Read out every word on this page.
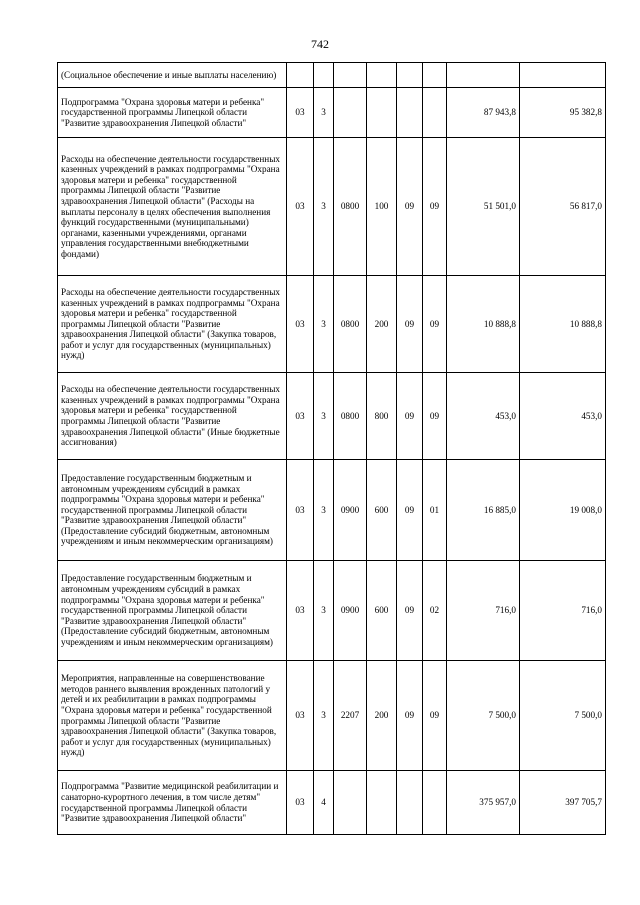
742
(Социальное обеспечение и иные выплаты населению)								
Подпрограмма "Охрана здоровья матери и ребенка" государственной программы Липецкой области "Развитие здравоохранения Липецкой области"	03	3					87 943,8	95 382,8
Расходы на обеспечение деятельности государственных казенных учреждений в рамках подпрограммы "Охрана здоровья матери и ребенка" государственной программы Липецкой области "Развитие здравоохранения Липецкой области" (Расходы на выплаты персоналу в целях обеспечения выполнения функций государственными (муниципальными) органами, казенными учреждениями, органами управления государственными внебюджетными фондами)	03	3	0800	100	09	09	51 501,0	56 817,0
Расходы на обеспечение деятельности государственных казенных учреждений в рамках подпрограммы "Охрана здоровья матери и ребенка" государственной программы Липецкой области "Развитие здравоохранения Липецкой области" (Закупка товаров, работ и услуг для государственных (муниципальных) нужд)	03	3	0800	200	09	09	10 888,8	10 888,8
Расходы на обеспечение деятельности государственных казенных учреждений в рамках подпрограммы "Охрана здоровья матери и ребенка" государственной программы Липецкой области "Развитие здравоохранения Липецкой области" (Иные бюджетные ассигнования)	03	3	0800	800	09	09	453,0	453,0
Предоставление государственным бюджетным и автономным учреждениям субсидий в рамках подпрограммы "Охрана здоровья матери и ребенка" государственной программы Липецкой области "Развитие здравоохранения Липецкой области" (Предоставление субсидий бюджетным, автономным учреждениям и иным некоммерческим организациям)	03	3	0900	600	09	01	16 885,0	19 008,0
Предоставление государственным бюджетным и автономным учреждениям субсидий в рамках подпрограммы "Охрана здоровья матери и ребенка" государственной программы Липецкой области "Развитие здравоохранения Липецкой области" (Предоставление субсидий бюджетным, автономным учреждениям и иным некоммерческим организациям)	03	3	0900	600	09	02	716,0	716,0
Мероприятия, направленные на совершенствование методов раннего выявления врожденных патологий у детей и их реабилитации в рамках подпрограммы "Охрана здоровья матери и ребенка" государственной программы Липецкой области "Развитие здравоохранения Липецкой области" (Закупка товаров, работ и услуг для государственных (муниципальных) нужд)	03	3	2207	200	09	09	7 500,0	7 500,0
Подпрограмма "Развитие медицинской реабилитации и санаторно-курортного лечения, в том числе детям" государственной программы Липецкой области "Развитие здравоохранения Липецкой области"	03	4					375 957,0	397 705,7
